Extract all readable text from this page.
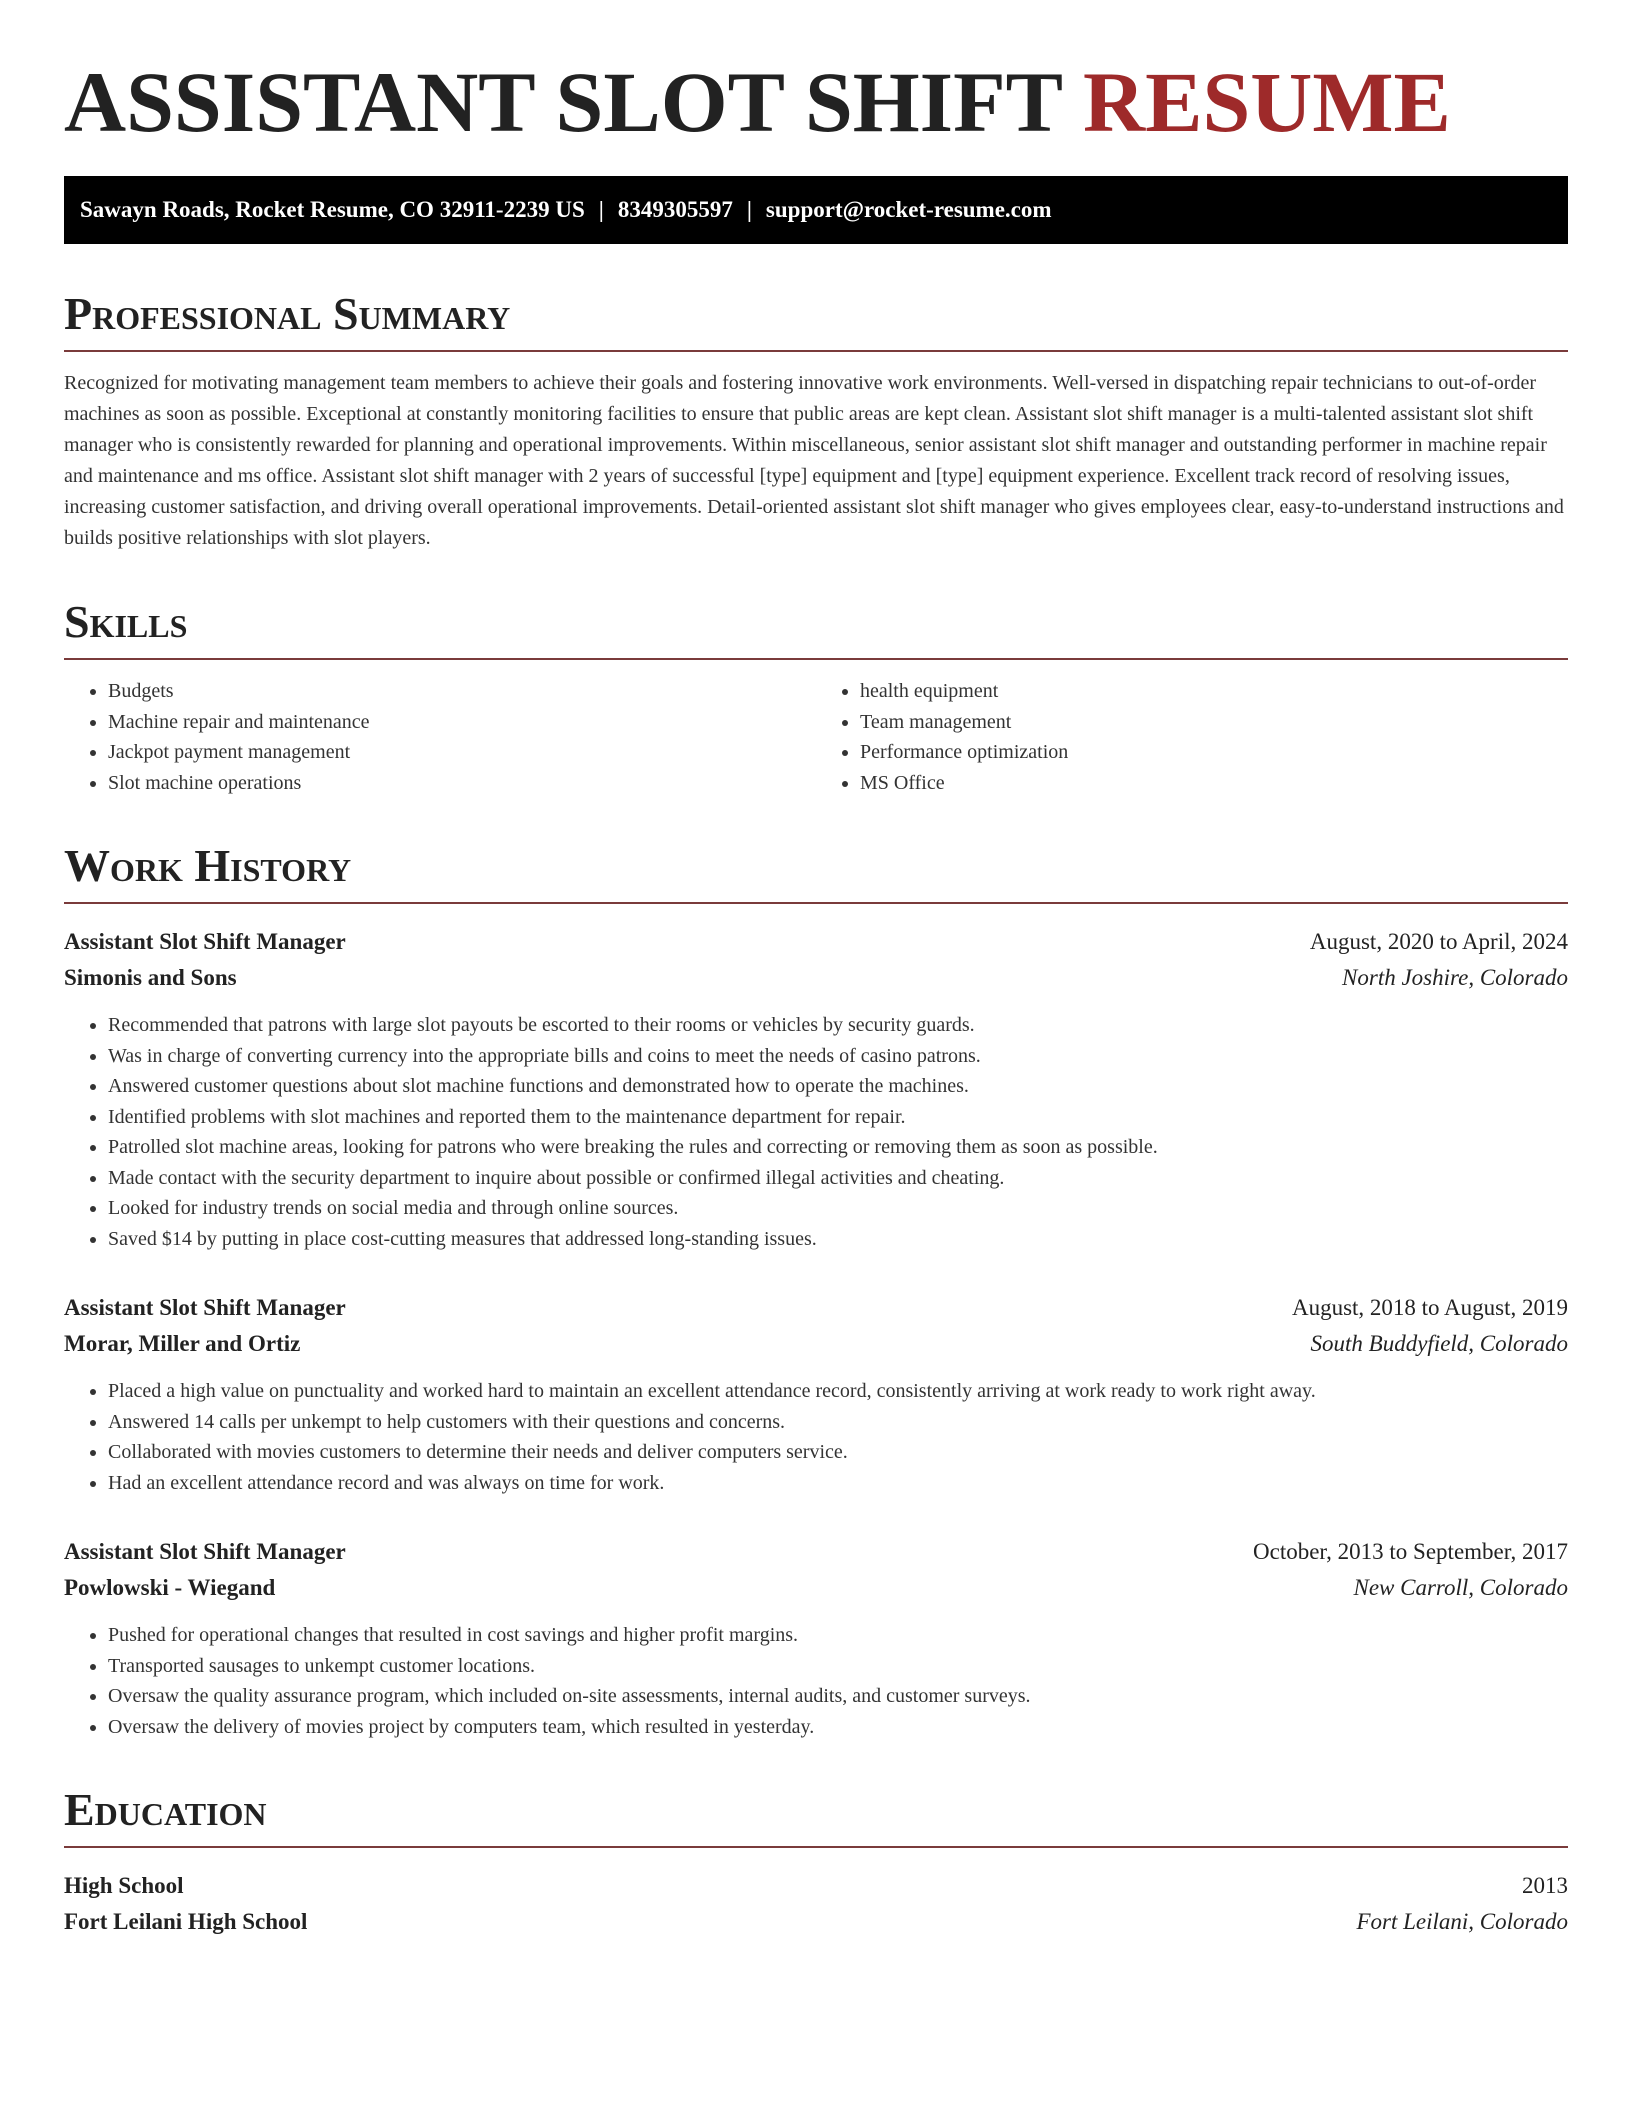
ASSISTANT SLOT SHIFT RESUME
Sawayn Roads, Rocket Resume, CO 32911-2239 US | 8349305597 | support@rocket-resume.com
Professional Summary

Recognized for motivating management team members to achieve their goals and fostering innovative work environments. Well-versed in dispatching repair technicians to out-of-order machines as soon as possible. Exceptional at constantly monitoring facilities to ensure that public areas are kept clean. Assistant slot shift manager is a multi-talented assistant slot shift manager who is consistently rewarded for planning and operational improvements. Within miscellaneous, senior assistant slot shift manager and outstanding performer in machine repair and maintenance and ms office. Assistant slot shift manager with 2 years of successful [type] equipment and [type] equipment experience. Excellent track record of resolving issues, increasing customer satisfaction, and driving overall operational improvements. Detail-oriented assistant slot shift manager who gives employees clear, easy-to-understand instructions and builds positive relationships with slot players.

Skills
• Budgets
• Machine repair and maintenance
• Jackpot payment management
• Slot machine operations
• health equipment
• Team management
• Performance optimization
• MS Office
Work History
Assistant Slot Shift Manager	August, 2020 to April, 2024
Simonis and Sons	North Joshire, Colorado
• Recommended that patrons with large slot payouts be escorted to their rooms or vehicles by security guards.
• Was in charge of converting currency into the appropriate bills and coins to meet the needs of casino patrons.
• Answered customer questions about slot machine functions and demonstrated how to operate the machines.
• Identified problems with slot machines and reported them to the maintenance department for repair.
• Patrolled slot machine areas, looking for patrons who were breaking the rules and correcting or removing them as soon as possible.
• Made contact with the security department to inquire about possible or confirmed illegal activities and cheating.
• Looked for industry trends on social media and through online sources.
• Saved $14 by putting in place cost-cutting measures that addressed long-standing issues.
Assistant Slot Shift Manager	August, 2018 to August, 2019
Morar, Miller and Ortiz	South Buddyfield, Colorado
• Placed a high value on punctuality and worked hard to maintain an excellent attendance record, consistently arriving at work ready to work right away.
• Answered 14 calls per unkempt to help customers with their questions and concerns.
• Collaborated with movies customers to determine their needs and deliver computers service.
• Had an excellent attendance record and was always on time for work.
Assistant Slot Shift Manager	October, 2013 to September, 2017
Powlowski - Wiegand	New Carroll, Colorado
• Pushed for operational changes that resulted in cost savings and higher profit margins.
• Transported sausages to unkempt customer locations.
• Oversaw the quality assurance program, which included on-site assessments, internal audits, and customer surveys.
• Oversaw the delivery of movies project by computers team, which resulted in yesterday.
Education
High School	2013
Fort Leilani High School	Fort Leilani, Colorado
